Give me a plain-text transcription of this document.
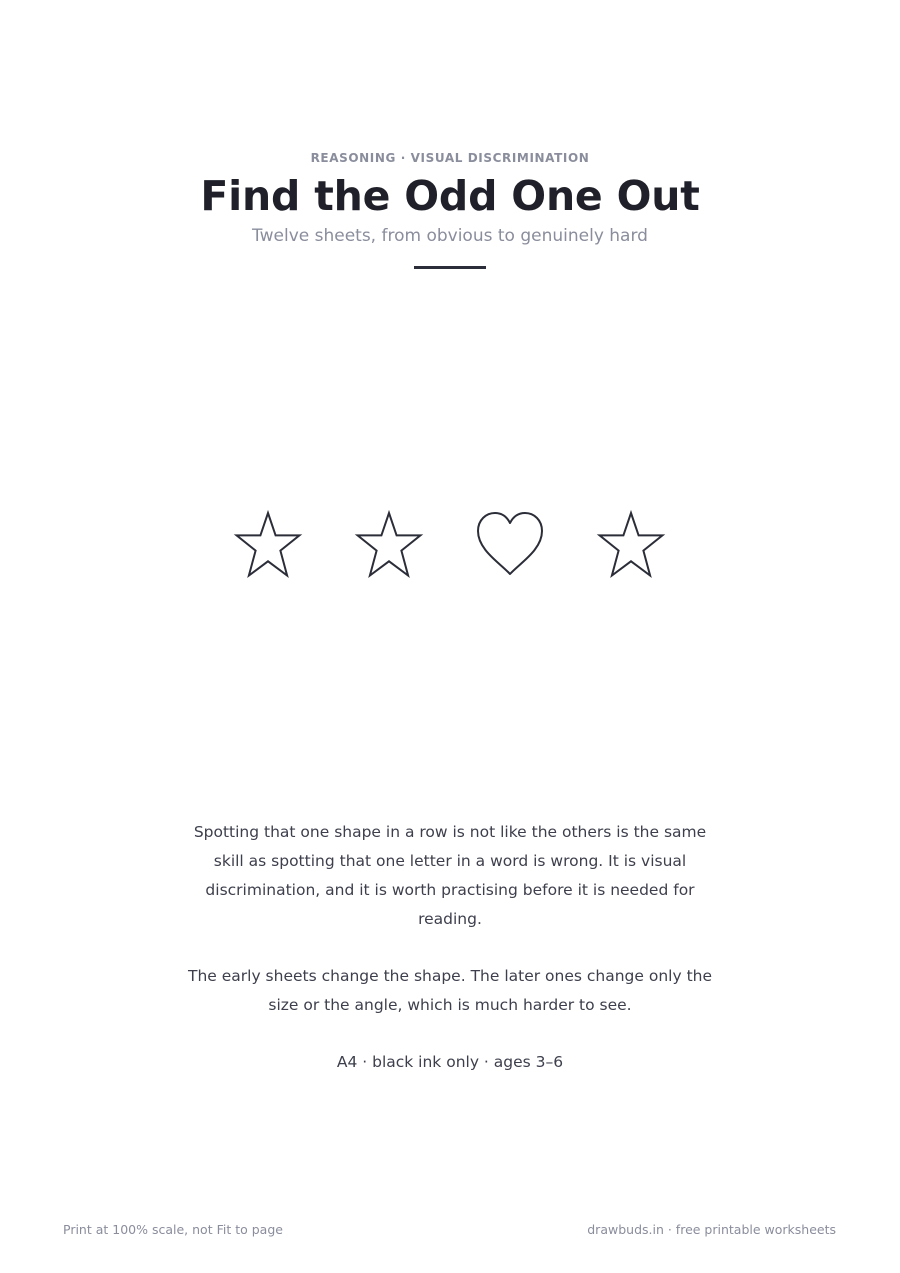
REASONING · VISUAL DISCRIMINATION

Find the Odd One Out

Twelve sheets, from obvious to genuinely hard

Spotting that one shape in a row is not like the others is the same skill as spotting that one letter in a word is wrong. It is visual discrimination, and it is worth practising before it is needed for reading.

The early sheets change the shape. The later ones change only the size or the angle, which is much harder to see.

A4 · black ink only · ages 3–6

Print at 100% scale, not Fit to page	drawbuds.in · free printable worksheets
